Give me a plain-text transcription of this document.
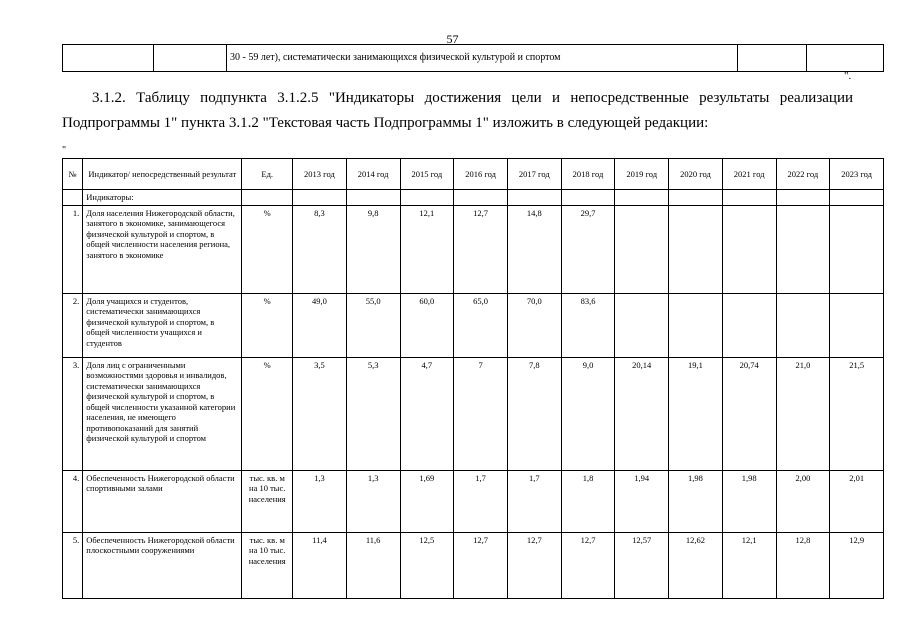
57
		30 - 59 лет), систематически занимающихся физической культурой и спортом		
".
3.1.2. Таблицу подпункта 3.1.2.5 "Индикаторы достижения цели и непосредственные результаты реализации
Подпрограммы 1" пункта 3.1.2 "Текстовая часть Подпрограммы 1" изложить в следующей редакции:
"
№	Индикатор/ непосредственный результат	Ед.	2013 год	2014 год	2015 год	2016 год	2017 год	2018 год	2019 год	2020 год	2021 год	2022 год	2023 год
	Индикаторы:												
1.	Доля населения Нижегородской области, занятого в экономике, занимающегося физической культурой и спортом, в общей численности населения региона, занятого в экономике	%	8,3	9,8	12,1	12,7	14,8	29,7					
2.	Доля учащихся и студентов, систематически занимающихся физической культурой и спортом, в общей численности учащихся и студентов	%	49,0	55,0	60,0	65,0	70,0	83,6					
3.	Доля лиц с ограниченными возможностями здоровья и инвалидов, систематически занимающихся физической культурой и спортом, в общей численности указанной категории населения, не имеющего противопоказаний для занятий физической культурой и спортом	%	3,5	5,3	4,7	7	7,8	9,0	20,14	19,1	20,74	21,0	21,5
4.	Обеспеченность Нижегородской области спортивными залами	тыс. кв. м на 10 тыс. населения	1,3	1,3	1,69	1,7	1,7	1,8	1,94	1,98	1,98	2,00	2,01
5.	Обеспеченность Нижегородской области плоскостными сооружениями	тыс. кв. м на 10 тыс. населения	11,4	11,6	12,5	12,7	12,7	12,7	12,57	12,62	12,1	12,8	12,9
